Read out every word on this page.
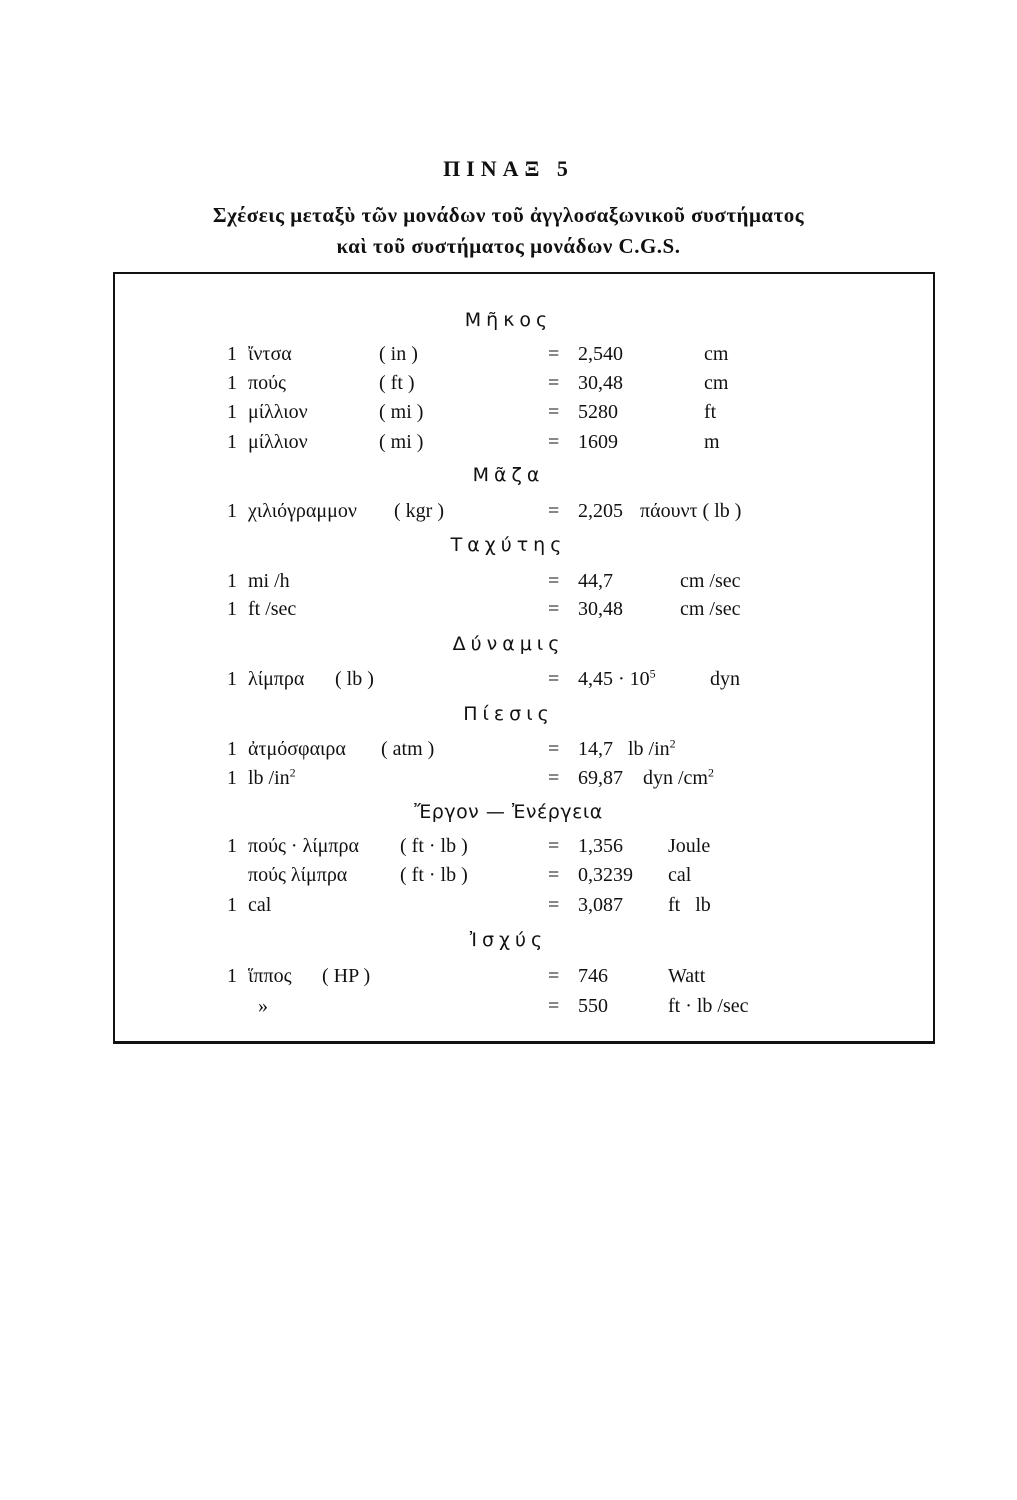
ΠΙΝΑΞ 5
Σχέσεις μεταξὺ τῶν μονάδων τοῦ ἀγγλοσαξωνικοῦ συστήματος
καὶ τοῦ συστήματος μονάδων C.G.S.
Μῆκος
1 ἴντσα	( in )	= 2,540	cm
1 πούς	( ft )	= 30,48	cm
1 μίλλιον	( mi )	= 5280	ft
1 μίλλιον	( mi )	= 1609	m
Μᾶζα
1 χιλιόγραμμον ( kgr )	= 2,205 πάουντ ( lb )
Ταχύτης
1 mi /h	= 44,7	cm /sec
1 ft /sec	= 30,48	cm /sec
Δύναμις
1 λίμπρα ( lb )	= $4,45 \cdot 10^5$	dyn
Πίεσις
1 ἀτμόσφαιρα ( atm )	= 14,7 lb $/in^2$
1 lb $/in^2$	= 69,87 dyn $/cm^2$
Ἔργον — Ἐνέργεια
1 πούς · λίμπρα ( ft · lb )	= 1,356 Joule
πούς λίμπρα	( ft · lb )	= 0,3239 cal
1 cal	= 3,087 ft   lb
Ἰσχύς
1 ἵππος ( HP )	= 746	Watt
»	= 550	ft · lb /sec
